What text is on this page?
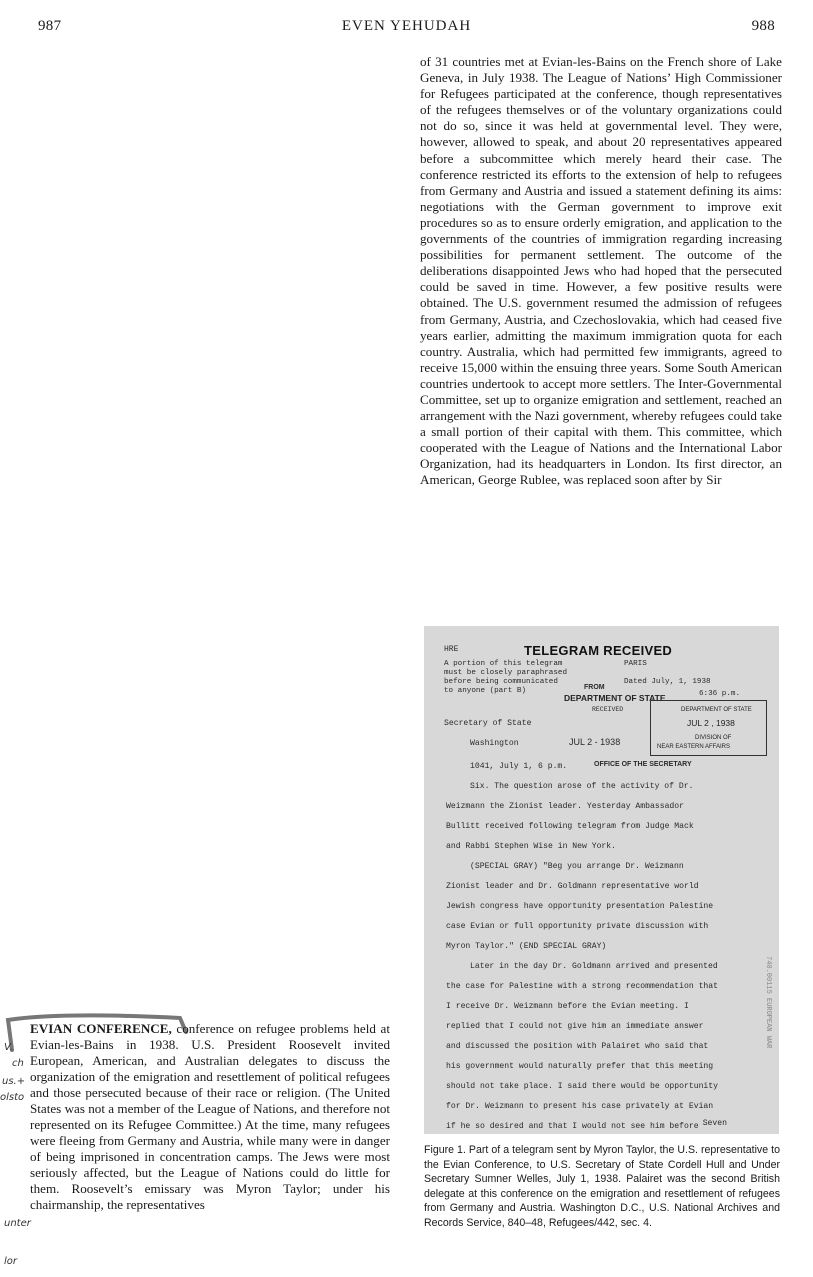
987	EVEN YEHUDAH	988

of 31 countries met at Evian-les-Bains on the French shore of Lake Geneva, in July 1938. The League of Nations’ High Commissioner for Refugees participated at the conference, though representatives of the refugees themselves or of the voluntary organizations could not do so, since it was held at governmental level. They were, however, allowed to speak, and about 20 representatives appeared before a subcommittee which merely heard their case. The conference restricted its efforts to the extension of help to refugees from Germany and Austria and issued a statement defining its aims: negotiations with the German government to improve exit procedures so as to ensure orderly emigration, and application to the governments of the countries of immigration regarding increasing possibilities for permanent settlement. The outcome of the deliberations disappointed Jews who had hoped that the persecuted could be saved in time. However, a few positive results were obtained. The U.S. government resumed the admission of refugees from Germany, Austria, and Czechoslovakia, which had ceased five years earlier, admitting the maximum immigration quota for each country. Australia, which had permitted few immigrants, agreed to receive 15,000 within the ensuing three years. Some South American countries undertook to accept more settlers. The Inter-Governmental Committee, set up to organize emigration and settlement, reached an arrangement with the Nazi government, whereby refugees could take a small portion of their capital with them. This committee, which cooperated with the League of Nations and the International Labor Organization, had its headquarters in London. Its first director, an American, George Rublee, was replaced soon after by Sir

HRE	TELEGRAM RECEIVED
A portion of this telegram
must be closely paraphrased
before being communicated
to anyone (part B)
PARIS
Dated July, 1, 1938
6:36 p.m.
FROM
DEPARTMENT OF STATE
RECEIVED	DEPARTMENT OF STATE
JUL 2 , 1938
DIVISION OF
NEAR EASTERN AFFAIRS
Secretary of State
Washington	JUL 2 - 1938
1041, July 1, 6 p.m.	OFFICE OF THE SECRETARY
Six. The question arose of the activity of Dr.
Weizmann the Zionist leader. Yesterday Ambassador
Bullitt received following telegram from Judge Mack
and Rabbi Stephen Wise in New York.
(SPECIAL GRAY) "Beg you arrange Dr. Weizmann
Zionist leader and Dr. Goldmann representative world
Jewish congress have opportunity presentation Palestine
case Evian or full opportunity private discussion with
Myron Taylor." (END SPECIAL GRAY)
Later in the day Dr. Goldmann arrived and presented
the case for Palestine with a strong recommendation that
I receive Dr. Weizmann before the Evian meeting. I
replied that I could not give him an immediate answer
and discussed the position with Palairet who said that
his government would naturally prefer that this meeting
should not take place. I said there would be opportunity
for Dr. Weizmann to present his case privately at Evian
if he so desired and that I would not see him before Seven
740.00115 EUROPEAN WAR
Figure 1. Part of a telegram sent by Myron Taylor, the U.S. representative to the Evian Conference, to U.S. Secretary of State Cordell Hull and Under Secretary Sumner Welles, July 1, 1938. Palairet was the second British delegate at this conference on the emigration and resettlement of refugees from Germany and Austria. Washington D.C., U.S. National Archives and Records Service, 840–48, Refugees/442, sec. 4.
EVIAN CONFERENCE, conference on refugee problems held at Evian-les-Bains in 1938. U.S. President Roosevelt invited European, American, and Australian delegates to discuss the organization of the emigration and resettlement of political refugees and those persecuted because of their race or religion. (The United States was not a member of the League of Nations, and therefore not represented on its Refugee Committee.) At the time, many refugees were fleeing from Germany and Austria, while many were in danger of being imprisoned in concentration camps. The Jews were most seriously affected, but the League of Nations could do little for them. Roosevelt’s emissary was Myron Taylor; under his chairmanship, the representatives
V.
ch
us.+
olsto
unter
lor
